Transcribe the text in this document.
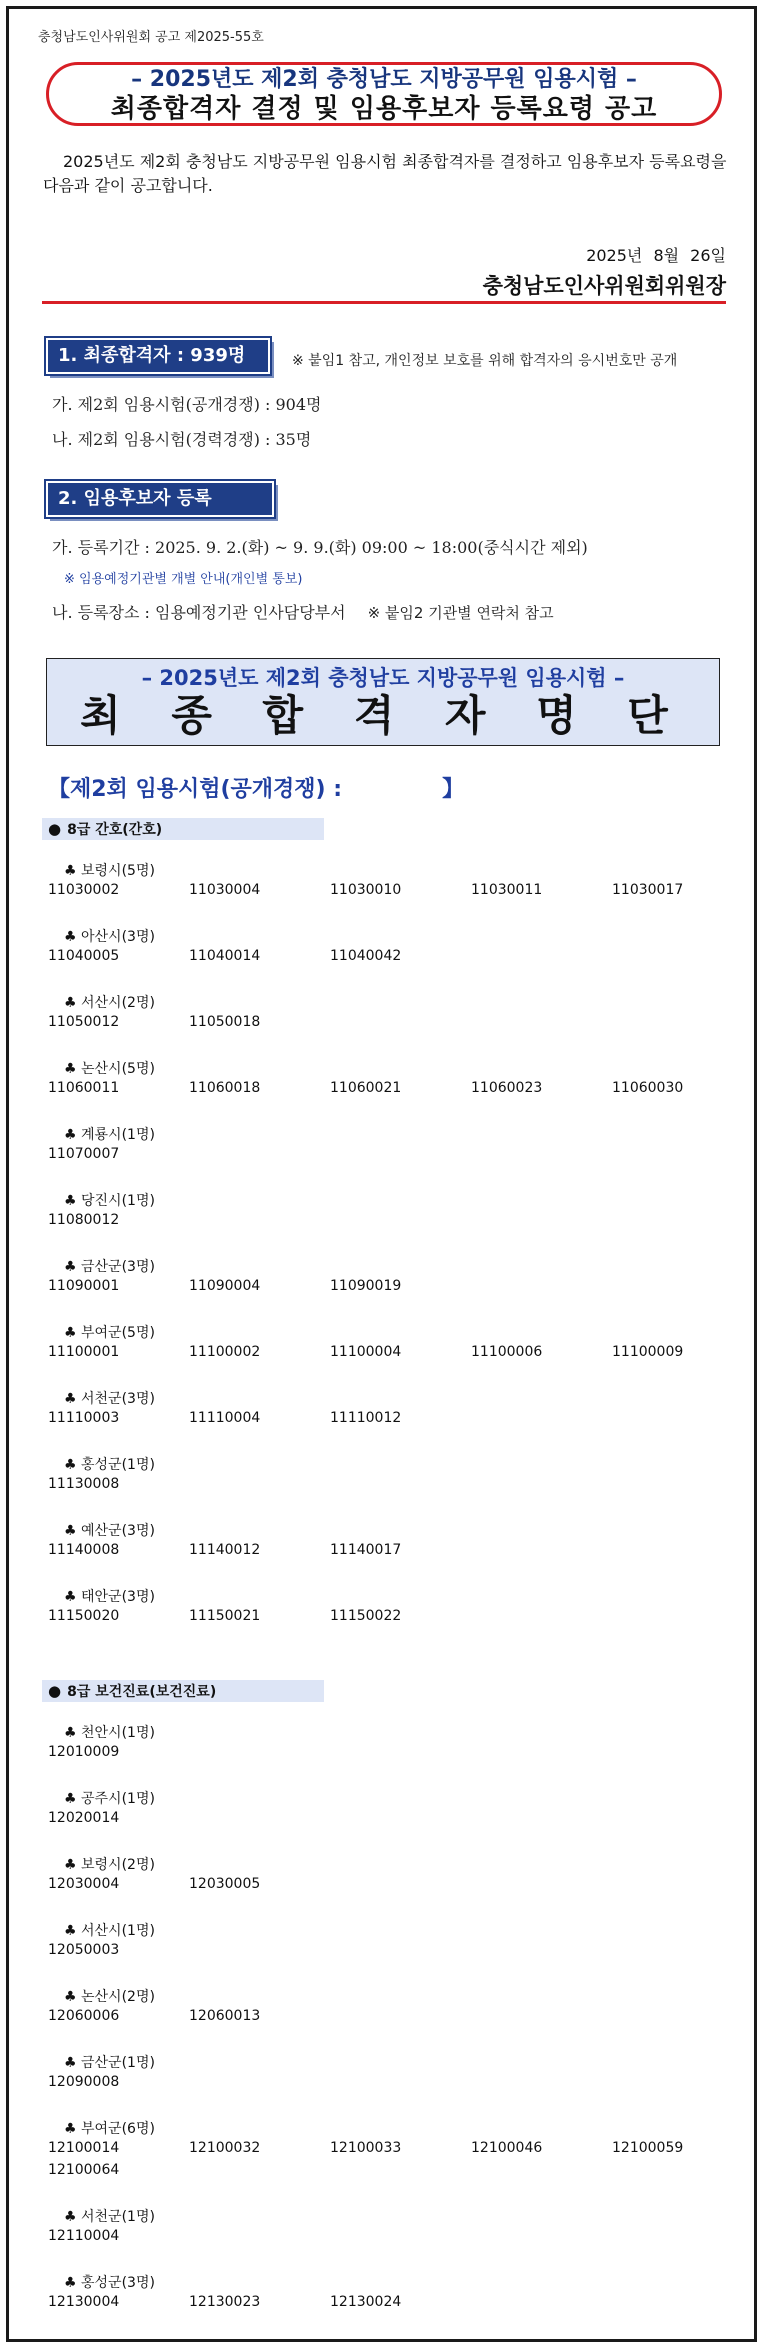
충청남도인사위원회 공고 제2025-55호
– 2025년도 제2회 충청남도 지방공무원 임용시험 –
최종합격자 결정 및 임용후보자 등록요령 공고
2025년도 제2회 충청남도 지방공무원 임용시험 최종합격자를 결정하고 임용후보자 등록요령을 다음과 같이 공고합니다.
2025년 8월 26일
충청남도인사위원회위원장
1. 최종합격자 : 939명	※ 붙임1 참고, 개인정보 보호를 위해 합격자의 응시번호만 공개
가. 제2회 임용시험(공개경쟁) : 904명
나. 제2회 임용시험(경력경쟁) : 35명
2. 임용후보자 등록
가. 등록기간 : 2025. 9. 2.(화) ~ 9. 9.(화) 09:00 ~ 18:00(중식시간 제외)
※ 임용예정기관별 개별 안내(개인별 통보)
나. 등록장소 : 임용예정기관 인사담당부서 ※ 붙임2 기관별 연락처 참고
– 2025년도 제2회 충청남도 지방공무원 임용시험 –
최 종 합 격 자 명 단
【제2회 임용시험(공개경쟁) :	】
● 8급 간호(간호)
● 8급 보건진료(보건진료)
♣ 보령시(5명)
11030002	11030004	11030010	11030011	11030017
♣ 아산시(3명)
11040005	11040014	11040042
♣ 서산시(2명)
11050012	11050018
♣ 논산시(5명)
11060011	11060018	11060021	11060023	11060030
♣ 계룡시(1명)
11070007
♣ 당진시(1명)
11080012
♣ 금산군(3명)
11090001	11090004	11090019
♣ 부여군(5명)
11100001	11100002	11100004	11100006	11100009
♣ 서천군(3명)
11110003	11110004	11110012
♣ 홍성군(1명)
11130008
♣ 예산군(3명)
11140008	11140012	11140017
♣ 태안군(3명)
11150020	11150021	11150022
♣ 천안시(1명)
12010009
♣ 공주시(1명)
12020014
♣ 보령시(2명)
12030004	12030005
♣ 서산시(1명)
12050003
♣ 논산시(2명)
12060006	12060013
♣ 금산군(1명)
12090008
♣ 부여군(6명)
12100014	12100032	12100033	12100046	12100059
12100064
♣ 서천군(1명)
12110004
♣ 홍성군(3명)
12130004	12130023	12130024
